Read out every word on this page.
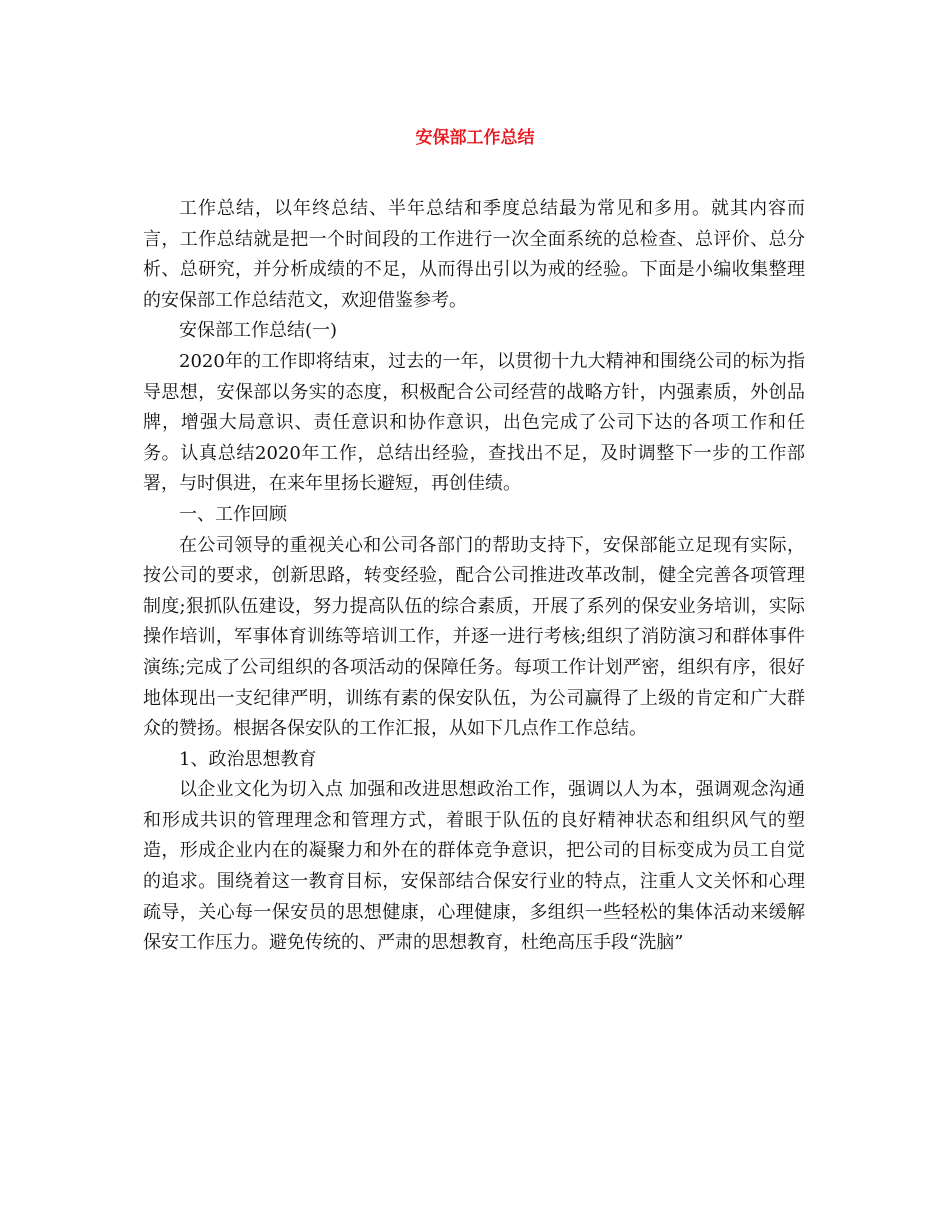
安保部工作总结

工作总结，以年终总结、半年总结和季度总结最为常见和多用。就其内容而言，工作总结就是把一个时间段的工作进行一次全面系统的总检查、总评价、总分析、总研究，并分析成绩的不足，从而得出引以为戒的经验。下面是小编收集整理的安保部工作总结范文，欢迎借鉴参考。

安保部工作总结(一)

2020年的工作即将结束，过去的一年，以贯彻十九大精神和围绕公司的标为指导思想，安保部以务实的态度，积极配合公司经营的战略方针，内强素质，外创品牌，增强大局意识、责任意识和协作意识，出色完成了公司下达的各项工作和任务。认真总结2020年工作，总结出经验，查找出不足，及时调整下一步的工作部署，与时俱进，在来年里扬长避短，再创佳绩。

一、工作回顾

在公司领导的重视关心和公司各部门的帮助支持下，安保部能立足现有实际，按公司的要求，创新思路，转变经验，配合公司推进改革改制，健全完善各项管理制度;狠抓队伍建设，努力提高队伍的综合素质，开展了系列的保安业务培训，实际操作培训，军事体育训练等培训工作，并逐一进行考核;组织了消防演习和群体事件演练;完成了公司组织的各项活动的保障任务。每项工作计划严密，组织有序，很好地体现出一支纪律严明，训练有素的保安队伍，为公司赢得了上级的肯定和广大群众的赞扬。根据各保安队的工作汇报，从如下几点作工作总结。

1、政治思想教育

以企业文化为切入点 加强和改进思想政治工作，强调以人为本，强调观念沟通和形成共识的管理理念和管理方式，着眼于队伍的良好精神状态和组织风气的塑造，形成企业内在的凝聚力和外在的群体竞争意识，把公司的目标变成为员工自觉的追求。围绕着这一教育目标，安保部结合保安行业的特点，注重人文关怀和心理疏导，关心每一保安员的思想健康，心理健康，多组织一些轻松的集体活动来缓解保安工作压力。避免传统的、严肃的思想教育，杜绝高压手段“洗脑”
